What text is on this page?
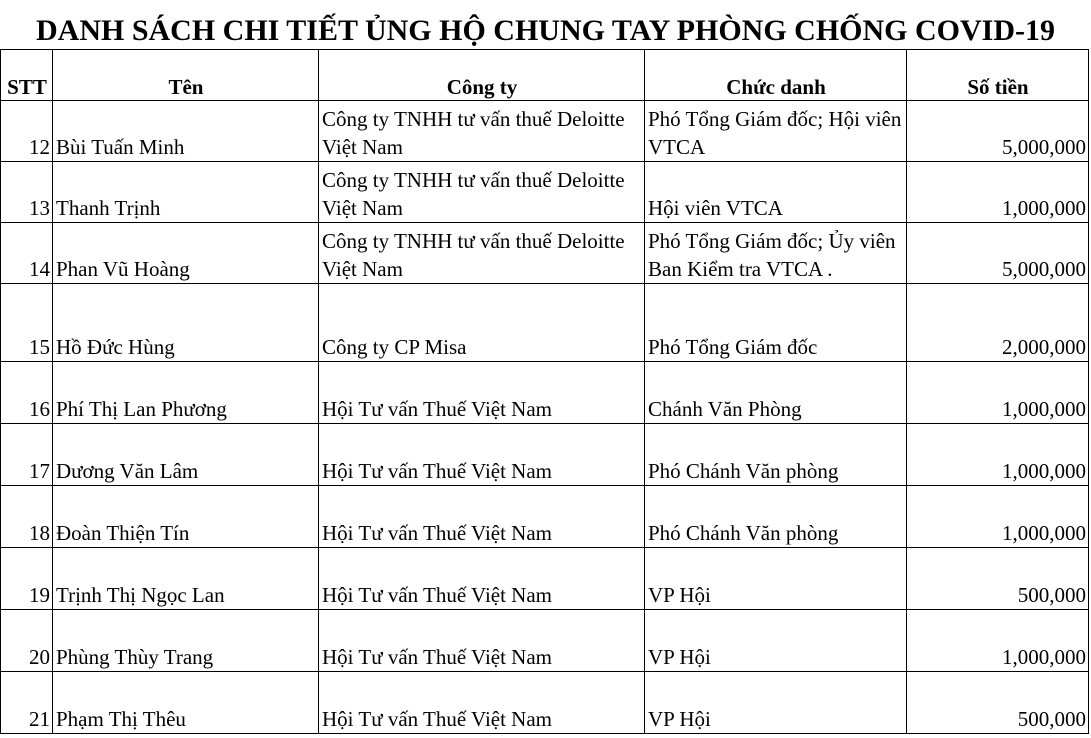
DANH SÁCH CHI TIẾT ỦNG HỘ CHUNG TAY PHÒNG CHỐNG COVID-19
STT	Tên	Công ty	Chức danh	Số tiền
12	Bùi Tuấn Minh	Công ty TNHH tư vấn thuế Deloitte Việt Nam	Phó Tổng Giám đốc; Hội viên VTCA	5,000,000
13	Thanh Trịnh	Công ty TNHH tư vấn thuế Deloitte Việt Nam	Hội viên VTCA	1,000,000
14	Phan Vũ Hoàng	Công ty TNHH tư vấn thuế Deloitte Việt Nam	Phó Tổng Giám đốc; Ủy viên Ban Kiểm tra VTCA .	5,000,000
15	Hồ Đức Hùng	Công ty CP Misa	Phó Tổng Giám đốc	2,000,000
16	Phí Thị Lan Phương	Hội Tư vấn Thuế Việt Nam	Chánh Văn Phòng	1,000,000
17	Dương Văn Lâm	Hội Tư vấn Thuế Việt Nam	Phó Chánh Văn phòng	1,000,000
18	Đoàn Thiện Tín	Hội Tư vấn Thuế Việt Nam	Phó Chánh Văn phòng	1,000,000
19	Trịnh Thị Ngọc Lan	Hội Tư vấn Thuế Việt Nam	VP Hội	500,000
20	Phùng Thùy Trang	Hội Tư vấn Thuế Việt Nam	VP Hội	1,000,000
21	Phạm Thị Thêu	Hội Tư vấn Thuế Việt Nam	VP Hội	500,000
